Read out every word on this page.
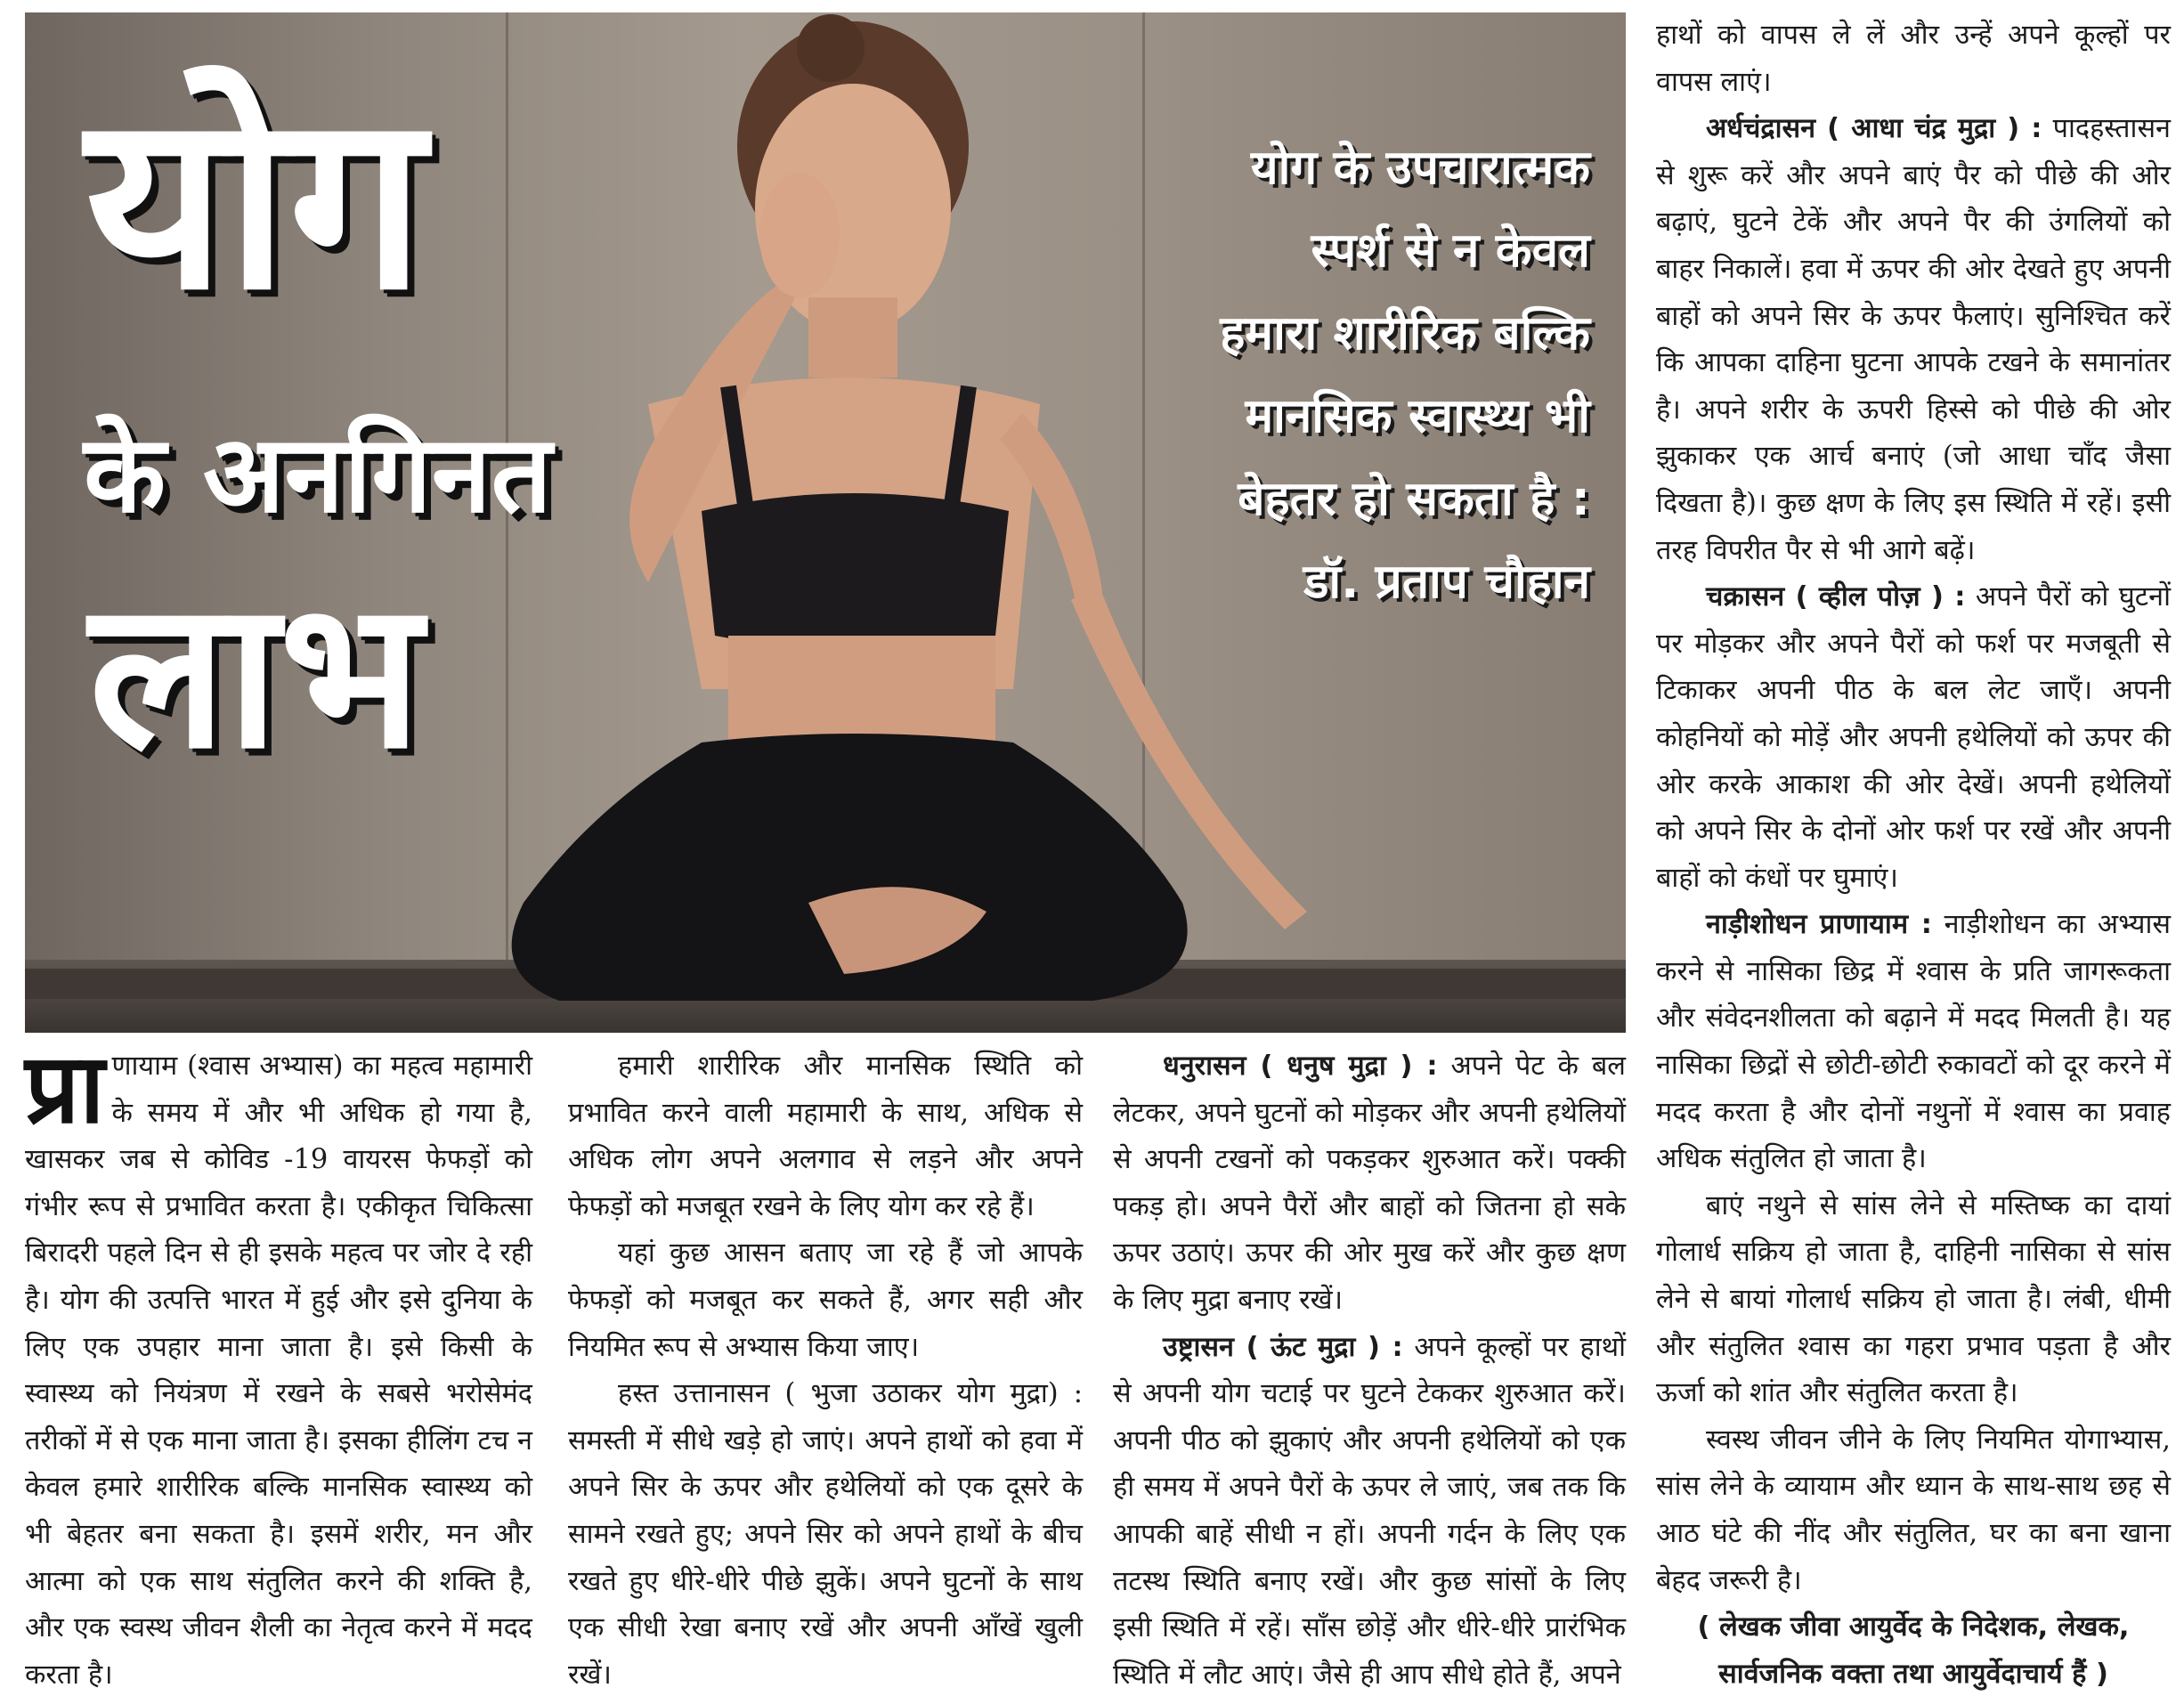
योग
के अनगिनत
लाभ

योग के उपचारात्मक
स्पर्श से न केवल
हमारा शारीरिक बल्कि
मानसिक स्वास्थ्य भी
बेहतर हो सकता है :
डॉ. प्रताप चौहान

प्रा णायाम (श्वास अभ्यास) का महत्व महामारी के समय में और भी अधिक हो गया है, खासकर जब से कोविड -19 वायरस फेफड़ों को गंभीर रूप से प्रभावित करता है। एकीकृत चिकित्सा बिरादरी पहले दिन से ही इसके महत्व पर जोर दे रही है। योग की उत्पत्ति भारत में हुई और इसे दुनिया के लिए एक उपहार माना जाता है। इसे किसी के स्वास्थ्य को नियंत्रण में रखने के सबसे भरोसेमंद तरीकों में से एक माना जाता है। इसका हीलिंग टच न केवल हमारे शारीरिक बल्कि मानसिक स्वास्थ्य को भी बेहतर बना सकता है। इसमें शरीर, मन और आत्मा को एक साथ संतुलित करने की शक्ति है, और एक स्वस्थ जीवन शैली का नेतृत्व करने में मदद करता है।

हमारी शारीरिक और मानसिक स्थिति को प्रभावित करने वाली महामारी के साथ, अधिक से अधिक लोग अपने अलगाव से लड़ने और अपने फेफड़ों को मजबूत रखने के लिए योग कर रहे हैं।

यहां कुछ आसन बताए जा रहे हैं जो आपके फेफड़ों को मजबूत कर सकते हैं, अगर सही और नियमित रूप से अभ्यास किया जाए।

हस्त उत्तानासन ( भुजा उठाकर योग मुद्रा) : समस्ती में सीधे खड़े हो जाएं। अपने हाथों को हवा में अपने सिर के ऊपर और हथेलियों को एक दूसरे के सामने रखते हुए; अपने सिर को अपने हाथों के बीच रखते हुए धीरे-धीरे पीछे झुकें। अपने घुटनों के साथ एक सीधी रेखा बनाए रखें और अपनी आँखें खुली रखें।

धनुरासन ( धनुष मुद्रा ) : अपने पेट के बल लेटकर, अपने घुटनों को मोड़कर और अपनी हथेलियों से अपनी टखनों को पकड़कर शुरुआत करें। पक्की पकड़ हो। अपने पैरों और बाहों को जितना हो सके ऊपर उठाएं। ऊपर की ओर मुख करें और कुछ क्षण के लिए मुद्रा बनाए रखें।

उष्ट्रासन ( ऊंट मुद्रा ) : अपने कूल्हों पर हाथों से अपनी योग चटाई पर घुटने टेककर शुरुआत करें। अपनी पीठ को झुकाएं और अपनी हथेलियों को एक ही समय में अपने पैरों के ऊपर ले जाएं, जब तक कि आपकी बाहें सीधी न हों। अपनी गर्दन के लिए एक तटस्थ स्थिति बनाए रखें। और कुछ सांसों के लिए इसी स्थिति में रहें। साँस छोड़ें और धीरे-धीरे प्रारंभिक स्थिति में लौट आएं। जैसे ही आप सीधे होते हैं, अपने

हाथों को वापस ले लें और उन्हें अपने कूल्हों पर वापस लाएं।

अर्धचंद्रासन ( आधा चंद्र मुद्रा ) : पादहस्तासन से शुरू करें और अपने बाएं पैर को पीछे की ओर बढ़ाएं, घुटने टेकें और अपने पैर की उंगलियों को बाहर निकालें। हवा में ऊपर की ओर देखते हुए अपनी बाहों को अपने सिर के ऊपर फैलाएं। सुनिश्चित करें कि आपका दाहिना घुटना आपके टखने के समानांतर है। अपने शरीर के ऊपरी हिस्से को पीछे की ओर झुकाकर एक आर्च बनाएं (जो आधा चाँद जैसा दिखता है)। कुछ क्षण के लिए इस स्थिति में रहें। इसी तरह विपरीत पैर से भी आगे बढ़ें।

चक्रासन ( व्हील पोज़ ) : अपने पैरों को घुटनों पर मोड़कर और अपने पैरों को फर्श पर मजबूती से टिकाकर अपनी पीठ के बल लेट जाएँ। अपनी कोहनियों को मोड़ें और अपनी हथेलियों को ऊपर की ओर करके आकाश की ओर देखें। अपनी हथेलियों को अपने सिर के दोनों ओर फर्श पर रखें और अपनी बाहों को कंधों पर घुमाएं।

नाड़ीशोधन प्राणायाम : नाड़ीशोधन का अभ्यास करने से नासिका छिद्र में श्वास के प्रति जागरूकता और संवेदनशीलता को बढ़ाने में मदद मिलती है। यह नासिका छिद्रों से छोटी-छोटी रुकावटों को दूर करने में मदद करता है और दोनों नथुनों में श्वास का प्रवाह अधिक संतुलित हो जाता है।

बाएं नथुने से सांस लेने से मस्तिष्क का दायां गोलार्ध सक्रिय हो जाता है, दाहिनी नासिका से सांस लेने से बायां गोलार्ध सक्रिय हो जाता है। लंबी, धीमी और संतुलित श्वास का गहरा प्रभाव पड़ता है और ऊर्जा को शांत और संतुलित करता है।

स्वस्थ जीवन जीने के लिए नियमित योगाभ्यास, सांस लेने के व्यायाम और ध्यान के साथ-साथ छह से आठ घंटे की नींद और संतुलित, घर का बना खाना बेहद जरूरी है।

( लेखक जीवा आयुर्वेद के निदेशक, लेखक, सार्वजनिक वक्ता तथा आयुर्वेदाचार्य हैं )
